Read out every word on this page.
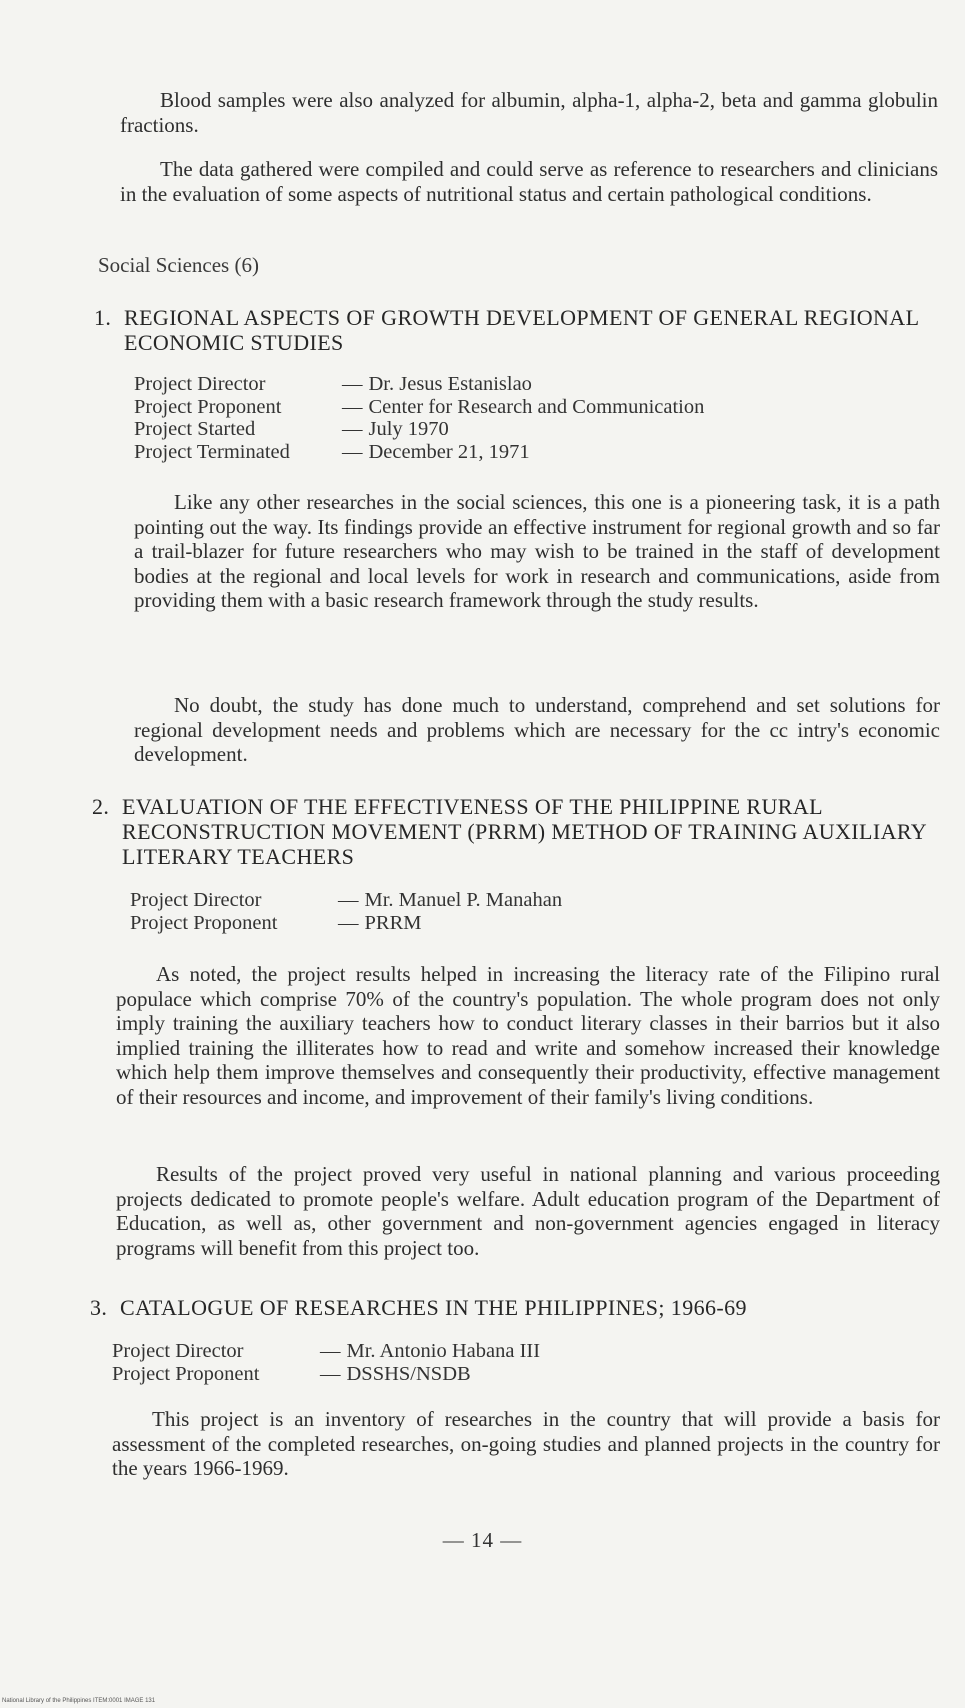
Blood samples were also analyzed for albumin, alpha-1, alpha-2, beta and gamma globulin fractions.

The data gathered were compiled and could serve as reference to researchers and clinicians in the evaluation of some aspects of nutritional status and certain pathological conditions.

Social Sciences (6)
1. REGIONAL ASPECTS OF GROWTH DEVELOPMENT OF GENERAL REGIONAL ECONOMIC STUDIES
Project Director	— Dr. Jesus Estanislao
Project Proponent	— Center for Research and Communication
Project Started	— July 1970
Project Terminated	— December 21, 1971

Like any other researches in the social sciences, this one is a pioneering task, it is a path pointing out the way. Its findings provide an effective instrument for regional growth and so far a trail-blazer for future researchers who may wish to be trained in the staff of development bodies at the regional and local levels for work in research and communications, aside from providing them with a basic research framework through the study results.

No doubt, the study has done much to understand, comprehend and set solutions for regional development needs and problems which are necessary for the cc intry's economic development.

2. EVALUATION OF THE EFFECTIVENESS OF THE PHILIPPINE RURAL RECONSTRUCTION MOVEMENT (PRRM) METHOD OF TRAINING AUXILIARY LITERARY TEACHERS
Project Director	— Mr. Manuel P. Manahan
Project Proponent	— PRRM

As noted, the project results helped in increasing the literacy rate of the Filipino rural populace which comprise 70% of the country's population. The whole program does not only imply training the auxiliary teachers how to conduct literary classes in their barrios but it also implied training the illiterates how to read and write and somehow increased their knowledge which help them improve themselves and consequently their productivity, effective management of their resources and income, and improvement of their family's living conditions.

Results of the project proved very useful in national planning and various proceeding projects dedicated to promote people's welfare. Adult education program of the Department of Education, as well as, other government and non-government agencies engaged in literacy programs will benefit from this project too.

3. CATALOGUE OF RESEARCHES IN THE PHILIPPINES; 1966-69
Project Director	— Mr. Antonio Habana III
Project Proponent	— DSSHS/NSDB

This project is an inventory of researches in the country that will provide a basis for assessment of the completed researches, on-going studies and planned projects in the country for the years 1966-1969.

— 14 —
National Library of the Philippines ITEM:0001 IMAGE 131
